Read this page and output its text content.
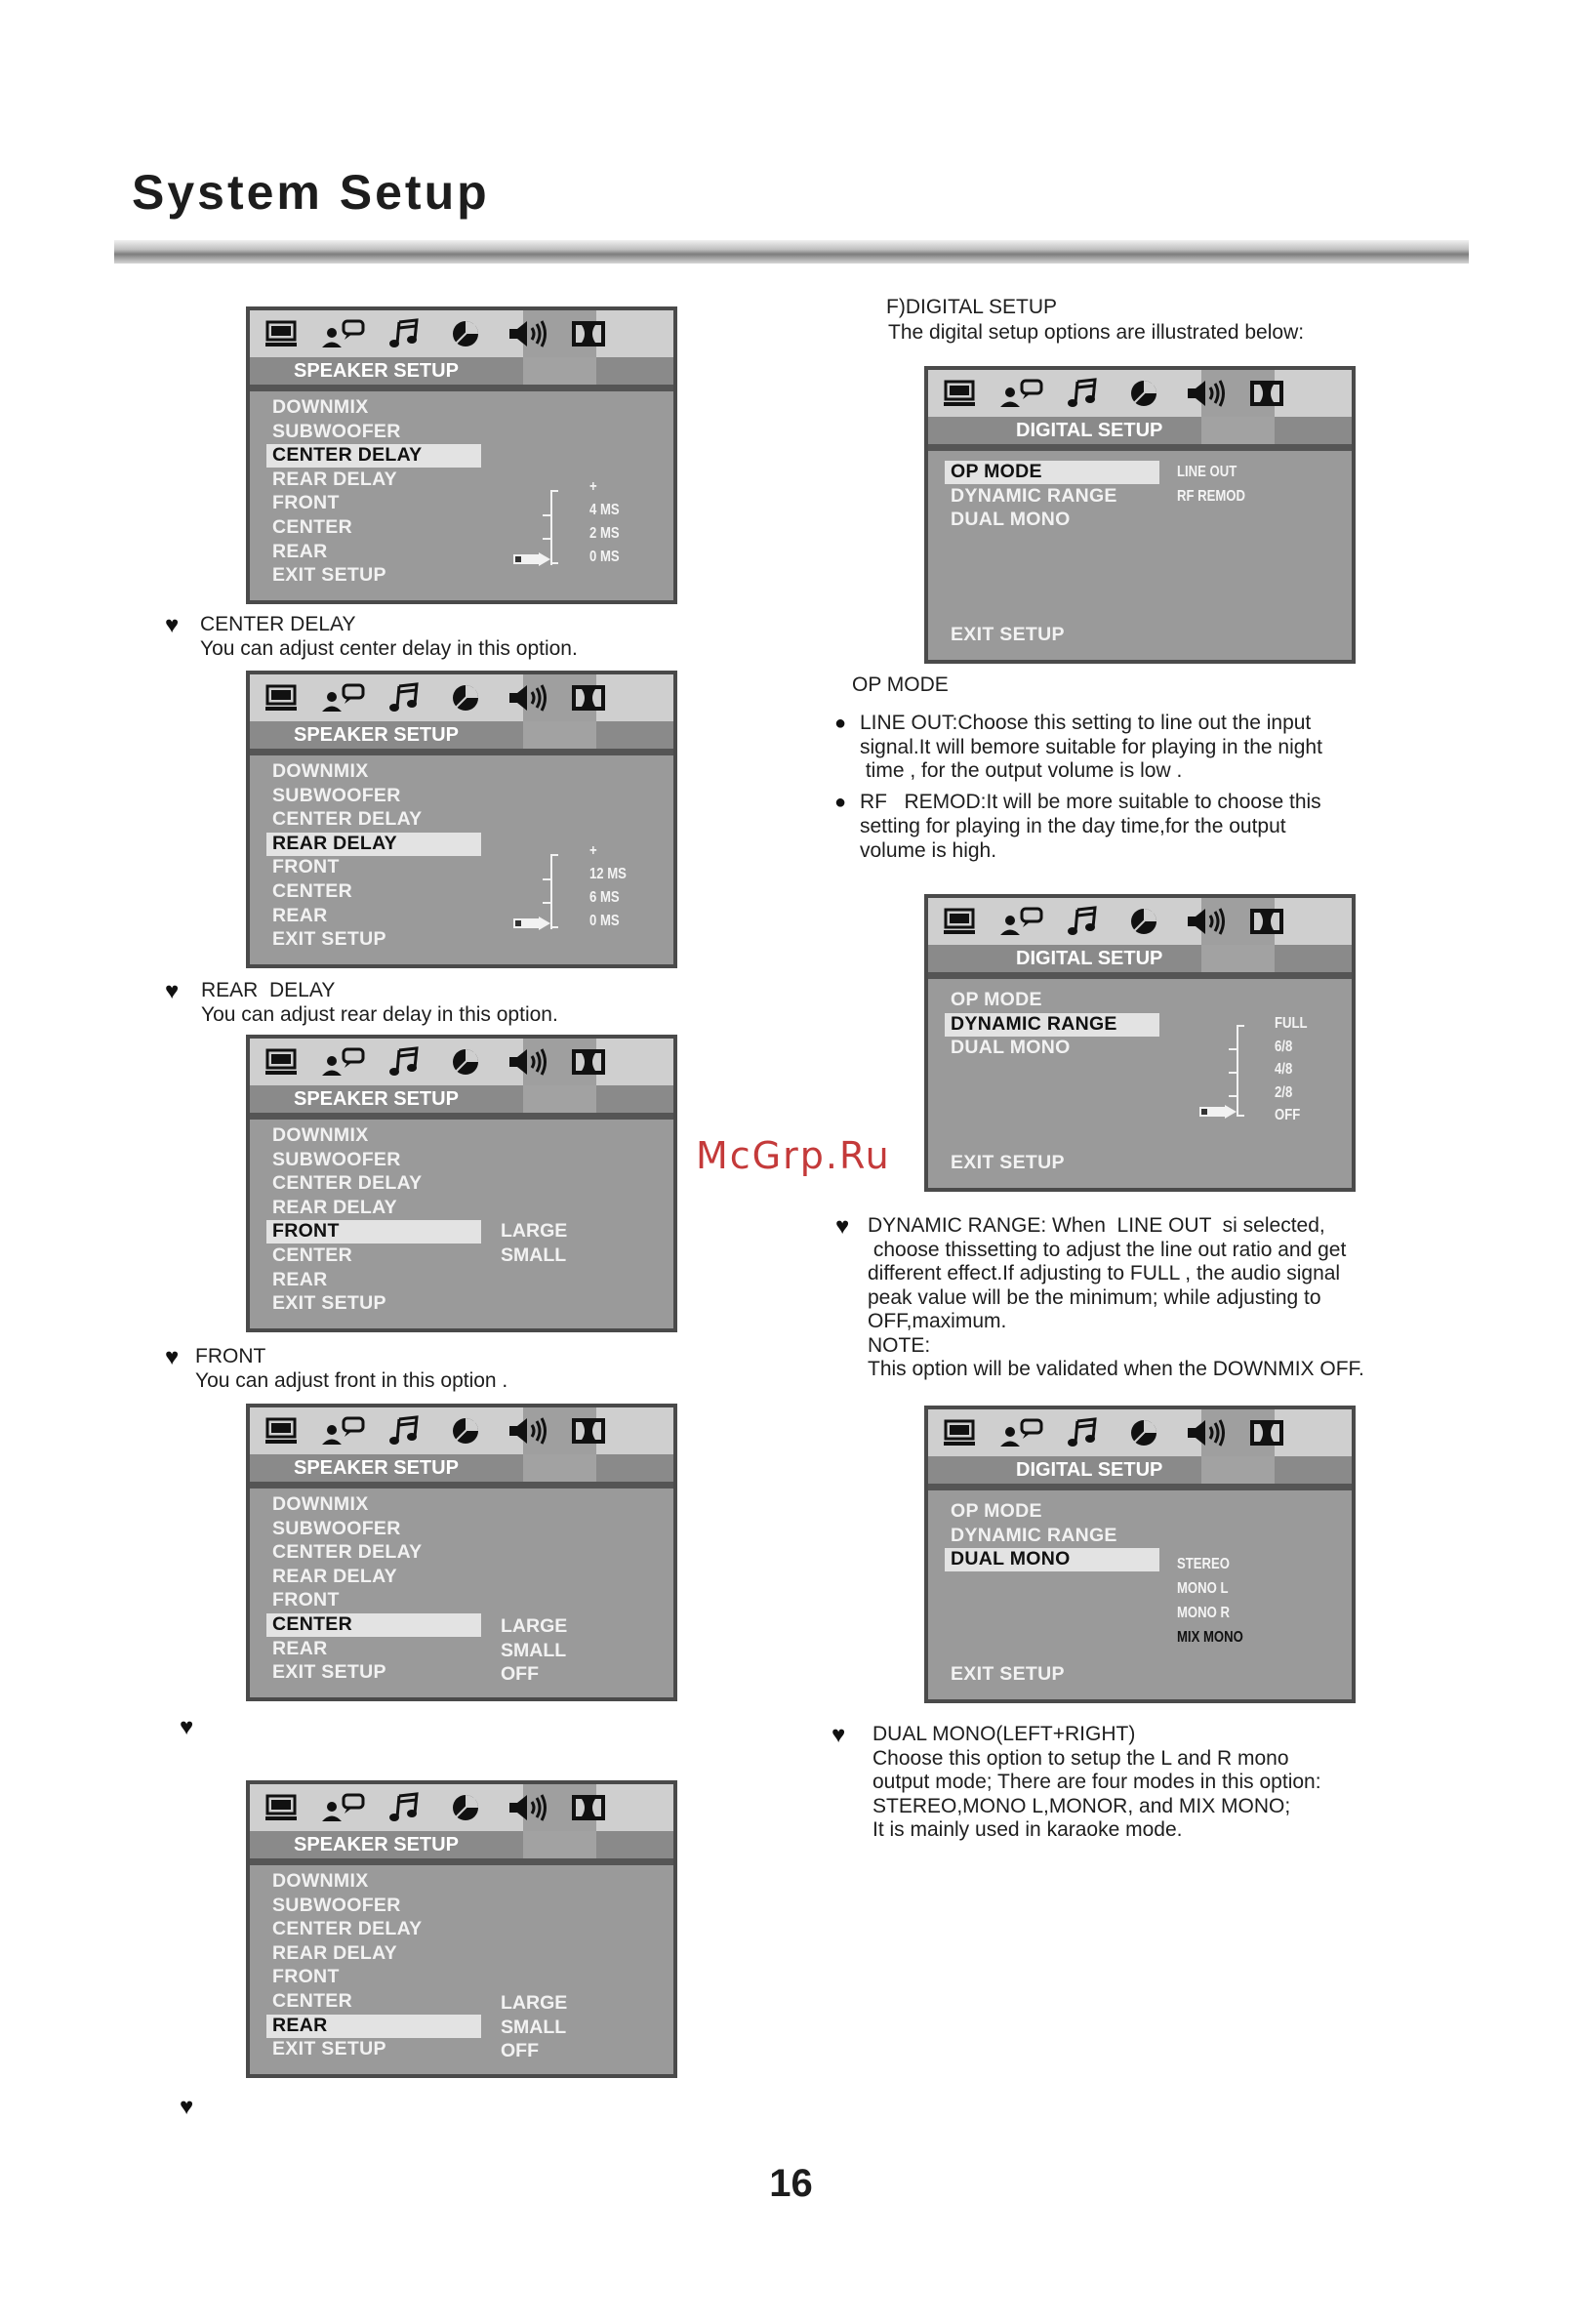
System Setup
McGrp.Ru
16
SPEAKER SETUP
DOWNMIX
SUBWOOFER
CENTER DELAY
REAR DELAY
FRONT
CENTER
REAR
EXIT SETUP
+
4 MS
2 MS
0 MS
♥ CENTER DELAY
You can adjust center delay in this option.
SPEAKER SETUP
DOWNMIX
SUBWOOFER
CENTER DELAY
REAR DELAY
FRONT
CENTER
REAR
EXIT SETUP
+
12 MS
6 MS
0 MS
♥ REAR  DELAY
You can adjust rear delay in this option.
SPEAKER SETUP
DOWNMIX
SUBWOOFER
CENTER DELAY
REAR DELAY
FRONT
CENTER
REAR
EXIT SETUP
LARGE
SMALL
♥ FRONT
You can adjust front in this option .
SPEAKER SETUP
DOWNMIX
SUBWOOFER
CENTER DELAY
REAR DELAY
FRONT
CENTER
REAR
EXIT SETUP
LARGE
SMALL
OFF
♥
SPEAKER SETUP
DOWNMIX
SUBWOOFER
CENTER DELAY
REAR DELAY
FRONT
CENTER
REAR
EXIT SETUP
LARGE
SMALL
OFF
♥
F)DIGITAL SETUP
The digital setup options are illustrated below:
DIGITAL SETUP
OP MODE
DYNAMIC RANGE
DUAL MONO
EXIT SETUP
LINE OUT
RF REMOD
OP MODE
● LINE OUT:Choose this setting to line out the input
signal.It will bemore suitable for playing in the night
time , for the output volume is low .
● RF   REMOD:It will be more suitable to choose this
setting for playing in the day time,for the output
volume is high.
DIGITAL SETUP
OP MODE
DYNAMIC RANGE
DUAL MONO
EXIT SETUP
FULL
6/8
4/8
2/8
OFF
♥ DYNAMIC RANGE: When  LINE OUT  si selected,
choose thissetting to adjust the line out ratio and get
different effect.If adjusting to FULL , the audio signal
peak value will be the minimum; while adjusting to
OFF,maximum.
NOTE:
This option will be validated when the DOWNMIX OFF.
DIGITAL SETUP
OP MODE
DYNAMIC RANGE
DUAL MONO
EXIT SETUP
STEREO
MONO L
MONO R
MIX MONO
♥ DUAL MONO(LEFT+RIGHT)
Choose this option to setup the L and R mono
output mode; There are four modes in this option:
STEREO,MONO L,MONOR, and MIX MONO;
It is mainly used in karaoke mode.
